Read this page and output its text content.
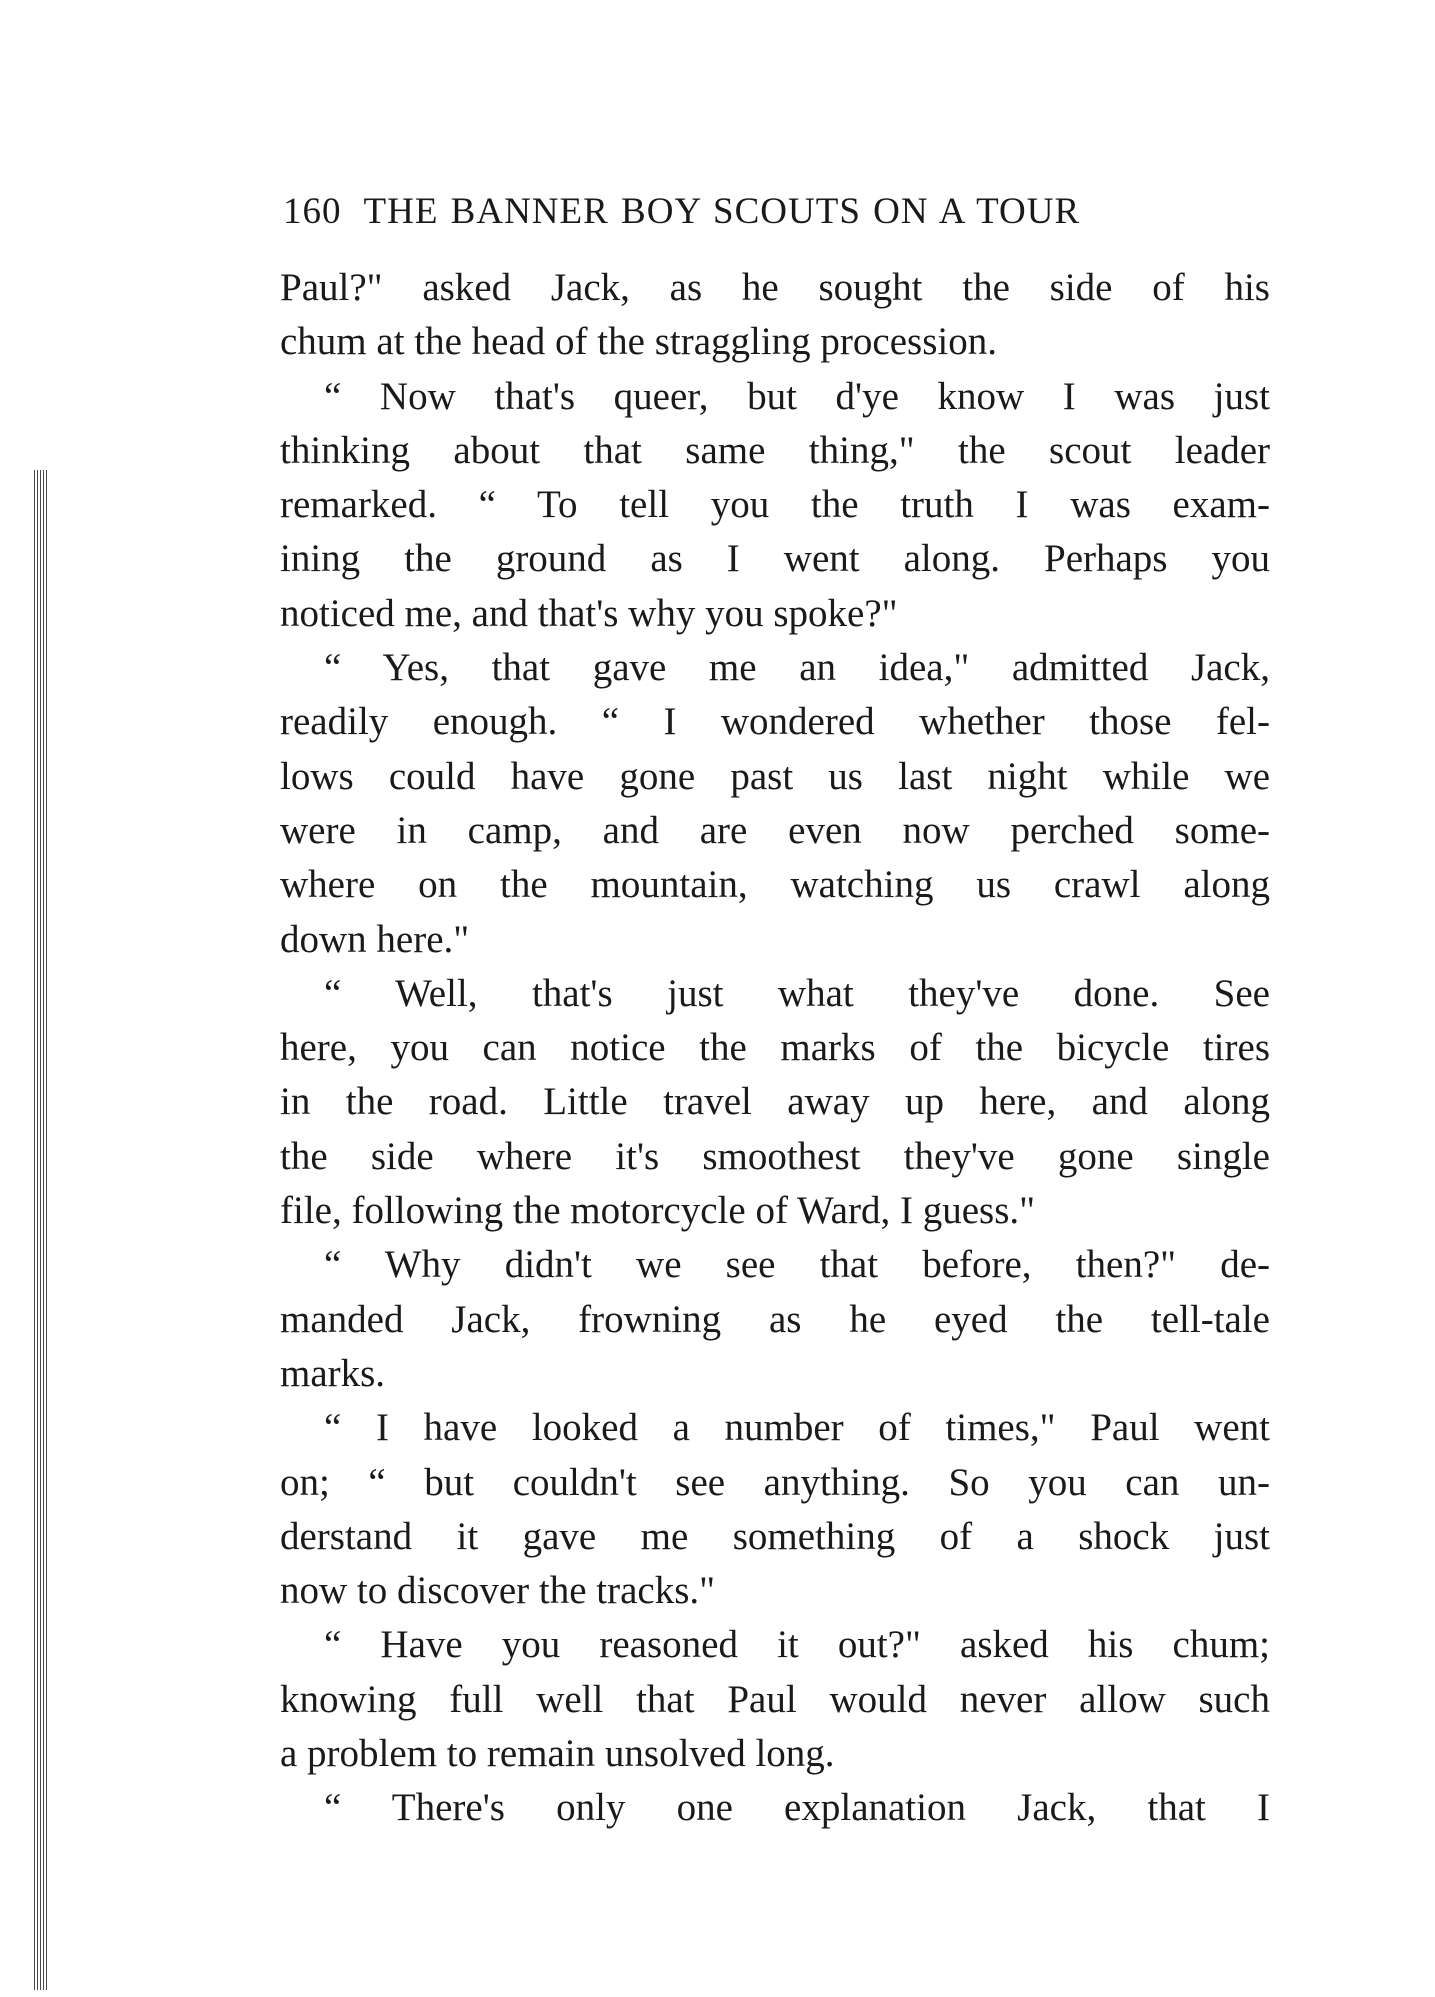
160 THE BANNER BOY SCOUTS ON A TOUR
Paul?" asked Jack, as he sought the side of his
chum at the head of the straggling procession.
“ Now that's queer, but d'ye know I was just
thinking about that same thing," the scout leader
remarked. “ To tell you the truth I was exam-
ining the ground as I went along. Perhaps you
noticed me, and that's why you spoke?"
“ Yes, that gave me an idea," admitted Jack,
readily enough. “ I wondered whether those fel-
lows could have gone past us last night while we
were in camp, and are even now perched some-
where on the mountain, watching us crawl along
down here."
“ Well, that's just what they've done. See
here, you can notice the marks of the bicycle tires
in the road. Little travel away up here, and along
the side where it's smoothest they've gone single
file, following the motorcycle of Ward, I guess."
“ Why didn't we see that before, then?" de-
manded Jack, frowning as he eyed the tell-tale
marks.
“ I have looked a number of times," Paul went
on; “ but couldn't see anything. So you can un-
derstand it gave me something of a shock just
now to discover the tracks."
“ Have you reasoned it out?" asked his chum;
knowing full well that Paul would never allow such
a problem to remain unsolved long.
“ There's only one explanation Jack, that I
